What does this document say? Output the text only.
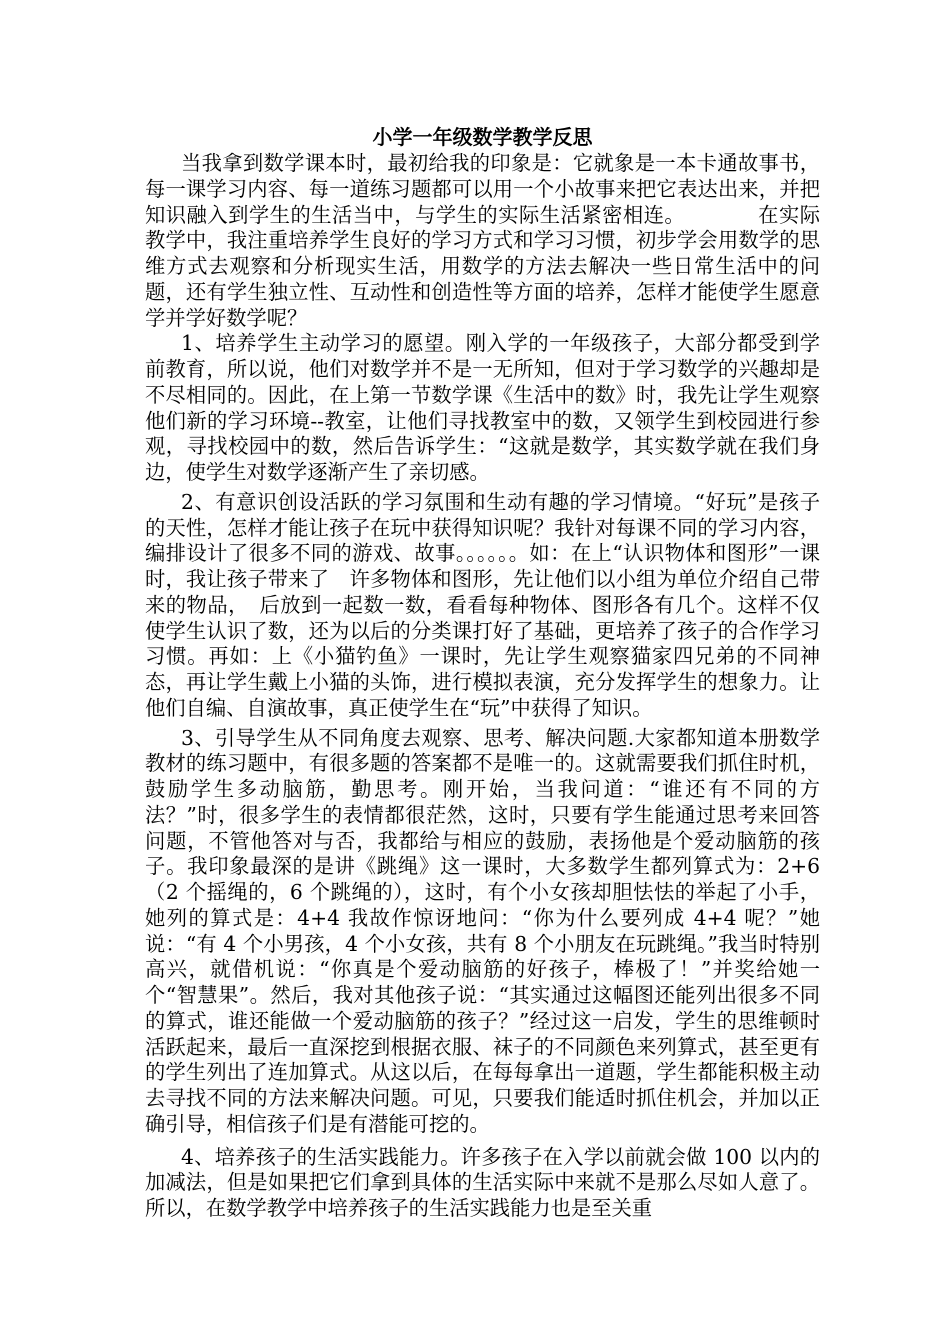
小学一年级数学教学反思

当我拿到数学课本时，最初给我的印象是：它就象是一本卡通故事书，每一课学习内容、每一道练习题都可以用一个小故事来把它表达出来，并把知识融入到学生的生活当中，与学生的实际生活紧密相连。　　　　在实际教学中，我注重培养学生良好的学习方式和学习习惯，初步学会用数学的思维方式去观察和分析现实生活，用数学的方法去解决一些日常生活中的问题，还有学生独立性、互动性和创造性等方面的培养，怎样才能使学生愿意学并学好数学呢？

1、培养学生主动学习的愿望。刚入学的一年级孩子，大部分都受到学前教育，所以说，他们对数学并不是一无所知，但对于学习数学的兴趣却是不尽相同的。因此，在上第一节数学课《生活中的数》时，我先让学生观察他们新的学习环境--教室，让他们寻找教室中的数，又领学生到校园进行参观，寻找校园中的数，然后告诉学生：“这就是数学，其实数学就在我们身边，使学生对数学逐渐产生了亲切感。

2、有意识创设活跃的学习氛围和生动有趣的学习情境。“好玩”是孩子的天性，怎样才能让孩子在玩中获得知识呢？我针对每课不同的学习内容，编排设计了很多不同的游戏、故事。。。。。。如：在上“认识物体和图形”一课时，我让孩子带来了　许多物体和图形，先让他们以小组为单位介绍自己带来的物品，　后放到一起数一数，看看每种物体、图形各有几个。这样不仅使学生认识了数，还为以后的分类课打好了基础，更培养了孩子的合作学习习惯。再如：上《小猫钓鱼》一课时，先让学生观察猫家四兄弟的不同神态，再让学生戴上小猫的头饰，进行模拟表演，充分发挥学生的想象力。让他们自编、自演故事，真正使学生在“玩”中获得了知识。

3、引导学生从不同角度去观察、思考、解决问题.大家都知道本册数学教材的练习题中，有很多题的答案都不是唯一的。这就需要我们抓住时机，鼓励学生多动脑筋，勤思考。刚开始，当我问道：“谁还有不同的方法？”时，很多学生的表情都很茫然，这时，只要有学生能通过思考来回答问题，不管他答对与否，我都给与相应的鼓励，表扬他是个爱动脑筋的孩子。我印象最深的是讲《跳绳》这一课时，大多数学生都列算式为：2+6 （2 个摇绳的，6 个跳绳的），这时，有个小女孩却胆怯怯的举起了小手，她列的算式是：4+4 我故作惊讶地问：“你为什么要列成 4+4 呢？”她说：“有 4 个小男孩，4 个小女孩，共有 8 个小朋友在玩跳绳。”我当时特别高兴，就借机说：“你真是个爱动脑筋的好孩子，棒极了！”并奖给她一个“智慧果”。然后，我对其他孩子说：“其实通过这幅图还能列出很多不同的算式，谁还能做一个爱动脑筋的孩子？”经过这一启发，学生的思维顿时活跃起来，最后一直深挖到根据衣服、袜子的不同颜色来列算式，甚至更有的学生列出了连加算式。从这以后，在每每拿出一道题，学生都能积极主动去寻找不同的方法来解决问题。可见，只要我们能适时抓住机会，并加以正确引导，相信孩子们是有潜能可挖的。

4、培养孩子的生活实践能力。许多孩子在入学以前就会做 100 以内的加减法，但是如果把它们拿到具体的生活实际中来就不是那么尽如人意了。所以，在数学教学中培养孩子的生活实践能力也是至关重
